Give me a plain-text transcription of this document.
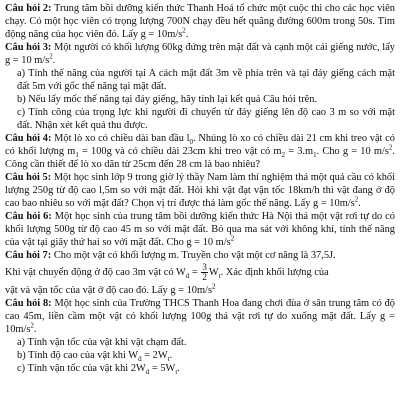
Câu hỏi 2: Trung tâm bồi dưỡng kiến thức Thanh Hoá tổ chức một cuộc thi cho các học viên chạy. Có một học viên có trọng lượng 700N chạy đều hết quãng đường 600m trong 50s. Tìm động năng của học viên đó. Lấy $g = 10m/s^2$.

Câu hỏi 3: Một người có khối lượng 60kg đứng trên mặt đất và cạnh một cái giếng nước, lấy g = 10 $m/s^2$.

a) Tính thế năng của người tại A cách mặt đất 3m về phía trên và tại đáy giếng cách mặt đất 5m với gốc thế năng tại mặt đất.

b) Nếu lấy mốc thế năng tại đáy giếng, hãy tính lại kết quả Câu hỏi trên.

c) Tính công của trọng lực khi người đi chuyển từ đáy giếng lên độ cao 3 m so với mặt đất. Nhận xét kết quả thu được.

Câu hỏi 4: Một lò xo có chiều dài ban đầu $l_0$. Nhúng lò xo có chiều dài 21 cm khi treo vật có có khối lượng $m_1 = 100g$ và có chiều dài 23cm khi treo vật có $m_2 = 3.m_1$. Cho g = 10 $m/s^2$. Công cần thiết để lò xo dãn từ 25cm đến 28 cm là bao nhiêu?

Câu hỏi 5: Một học sinh lớp 9 trong giờ lý thầy Nam làm thí nghiệm thả một quả cầu có khối lượng 250g từ độ cao l,5m so với mặt đất. Hỏi khi vật đạt vận tốc 18km/h thì vật đang ở độ cao bao nhiêu so với mặt đất? Chọn vị trí được thả làm gốc thế năng. Lấy $g = 10m/s^2$.

Câu hỏi 6: Một học sinh của trung tâm bồi dưỡng kiến thức Hà Nội thả một vật rơi tự do có khối lượng 500g từ độ cao 45 m so với mặt đất. Bỏ qua ma sát với không khí, tính thế năng của vật tại giây thứ hai so với mặt đất. Cho g = 10 $m/s^2$

Câu hỏi 7: Cho một vật có khối lượng m. Truyền cho vật một cơ năng là 37,5J.

Khi vật chuyển động ở độ cao 3m vật có $W_d = \frac{3}{2} W_t$. Xác định khối lượng của

vật và vận tốc của vật ở độ cao đó. Lấy $g = 10m/s^2$

Câu hỏi 8: Một học sinh của Trường THCS Thanh Hoa đang chơi đùa ở sân trung tâm có độ cao 45m, liền cầm một vật có khối lượng 100g thả vật rơi tự do xuống mặt đất. Lấy $g = 10m/s^2$.

a) Tính vận tốc của vật khi vật chạm đất.

b) Tính độ cao của vật khi $W_d = 2W_t$.

c) Tính vận tốc của vật khi $2W_d = 5W_t$.
